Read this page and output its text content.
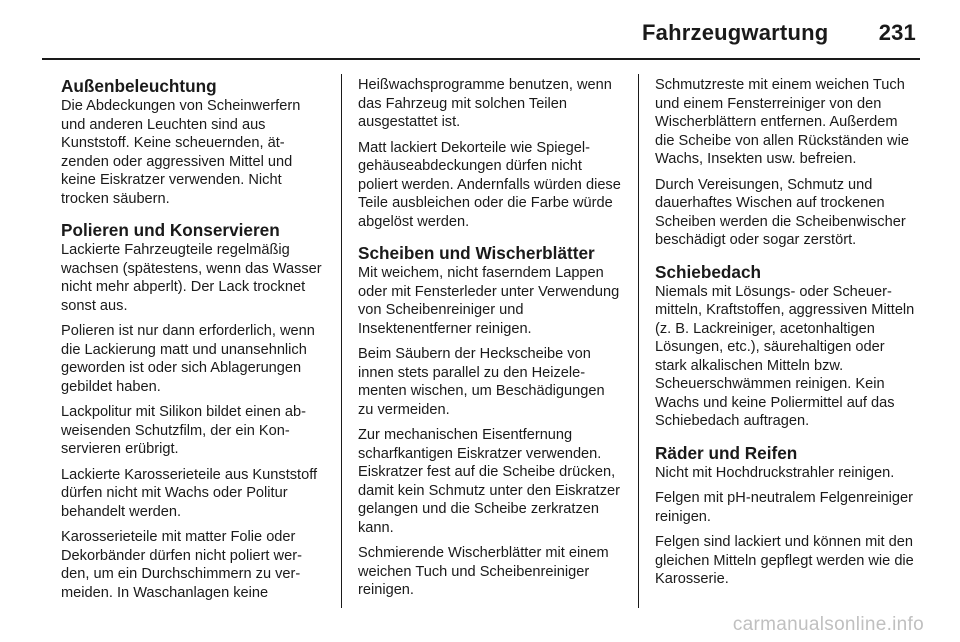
Fahrzeugwartung 231
Außenbeleuchtung

Die Abdeckungen von Scheinwerfern und anderen Leuchten sind aus Kunststoff. Keine scheuernden, ätzenden oder aggressiven Mittel und keine Eiskratzer verwenden. Nicht trocken säubern.

Polieren und Konservieren

Lackierte Fahrzeugteile regelmäßig wachsen (spätestens, wenn das Wasser nicht mehr abperlt). Der Lack trocknet sonst aus.

Polieren ist nur dann erforderlich, wenn die Lackierung matt und unansehnlich geworden ist oder sich Ablagerungen gebildet haben.

Lackpolitur mit Silikon bildet einen abweisenden Schutzfilm, der ein Konservieren erübrigt.

Lackierte Karosserieteile aus Kunststoff dürfen nicht mit Wachs oder Politur behandelt werden.

Karosserieteile mit matter Folie oder Dekorbänder dürfen nicht poliert werden, um ein Durchschimmern zu vermeiden. In Waschanlagen keine

Heißwachsprogramme benutzen, wenn das Fahrzeug mit solchen Teilen ausgestattet ist.

Matt lackiert Dekorteile wie Spiegelgehäuseabdeckungen dürfen nicht poliert werden. Andernfalls würden diese Teile ausbleichen oder die Farbe würde abgelöst werden.

Scheiben und Wischerblätter

Mit weichem, nicht faserndem Lappen oder mit Fensterleder unter Verwendung von Scheibenreiniger und Insektenentferner reinigen.

Beim Säubern der Heckscheibe von innen stets parallel zu den Heizelementen wischen, um Beschädigungen zu vermeiden.

Zur mechanischen Eisentfernung scharfkantigen Eiskratzer verwenden. Eiskratzer fest auf die Scheibe drücken, damit kein Schmutz unter den Eiskratzer gelangen und die Scheibe zerkratzen kann.

Schmierende Wischerblätter mit einem weichen Tuch und Scheibenreiniger reinigen.

Schmutzreste mit einem weichen Tuch und einem Fensterreiniger von den Wischerblättern entfernen. Außerdem die Scheibe von allen Rückständen wie Wachs, Insekten usw. befreien.

Durch Vereisungen, Schmutz und dauerhaftes Wischen auf trockenen Scheiben werden die Scheibenwischer beschädigt oder sogar zerstört.

Schiebedach

Niemals mit Lösungs- oder Scheuermitteln, Kraftstoffen, aggressiven Mitteln (z. B. Lackreiniger, acetonhaltigen Lösungen, etc.), säurehaltigen oder stark alkalischen Mitteln bzw. Scheuerschwämmen reinigen. Kein Wachs und keine Poliermittel auf das Schiebedach auftragen.

Räder und Reifen

Nicht mit Hochdruckstrahler reinigen.

Felgen mit pH-neutralem Felgenreiniger reinigen.

Felgen sind lackiert und können mit den gleichen Mitteln gepflegt werden wie die Karosserie.

carmanualsonline.info
